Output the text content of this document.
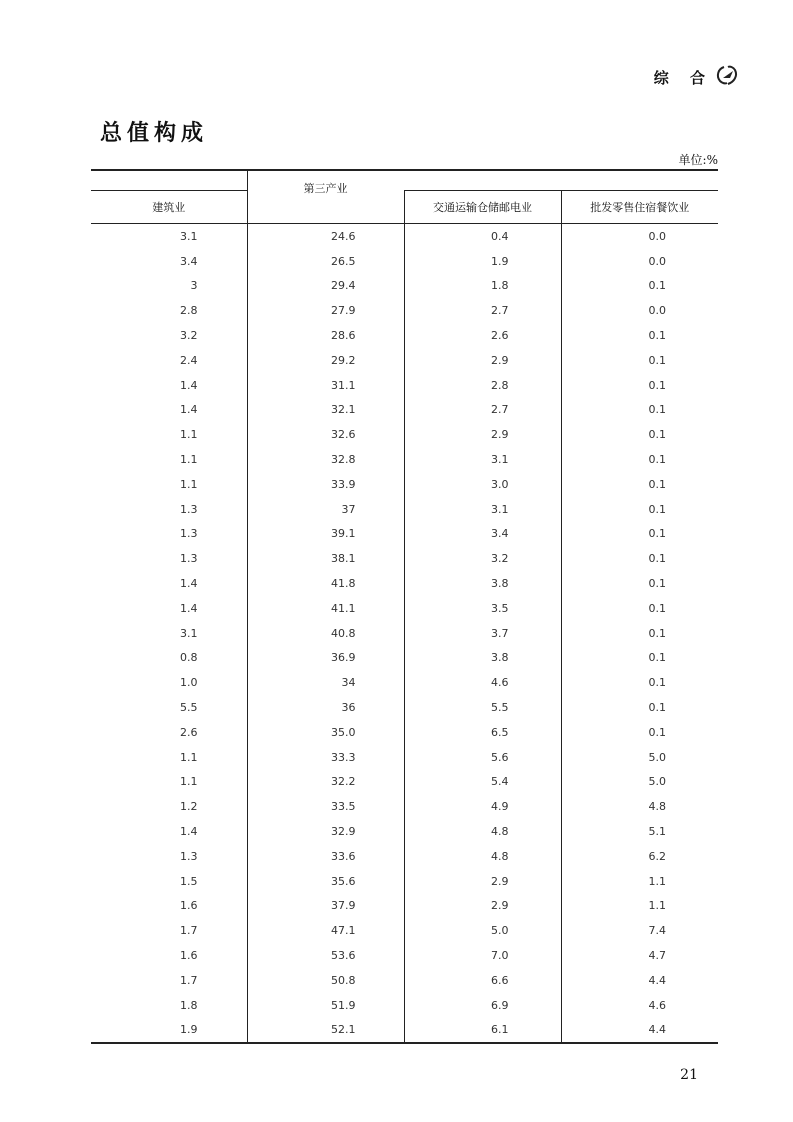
综 合
总值构成
单位:%
	第三产业		
建筑业		交通运输仓储邮电业	批发零售住宿餐饮业
3.1	24.6	0.4	0.0
3.4	26.5	1.9	0.0
3	29.4	1.8	0.1
2.8	27.9	2.7	0.0
3.2	28.6	2.6	0.1
2.4	29.2	2.9	0.1
1.4	31.1	2.8	0.1
1.4	32.1	2.7	0.1
1.1	32.6	2.9	0.1
1.1	32.8	3.1	0.1
1.1	33.9	3.0	0.1
1.3	37	3.1	0.1
1.3	39.1	3.4	0.1
1.3	38.1	3.2	0.1
1.4	41.8	3.8	0.1
1.4	41.1	3.5	0.1
3.1	40.8	3.7	0.1
0.8	36.9	3.8	0.1
1.0	34	4.6	0.1
5.5	36	5.5	0.1
2.6	35.0	6.5	0.1
1.1	33.3	5.6	5.0
1.1	32.2	5.4	5.0
1.2	33.5	4.9	4.8
1.4	32.9	4.8	5.1
1.3	33.6	4.8	6.2
1.5	35.6	2.9	1.1
1.6	37.9	2.9	1.1
1.7	47.1	5.0	7.4
1.6	53.6	7.0	4.7
1.7	50.8	6.6	4.4
1.8	51.9	6.9	4.6
1.9	52.1	6.1	4.4
21
